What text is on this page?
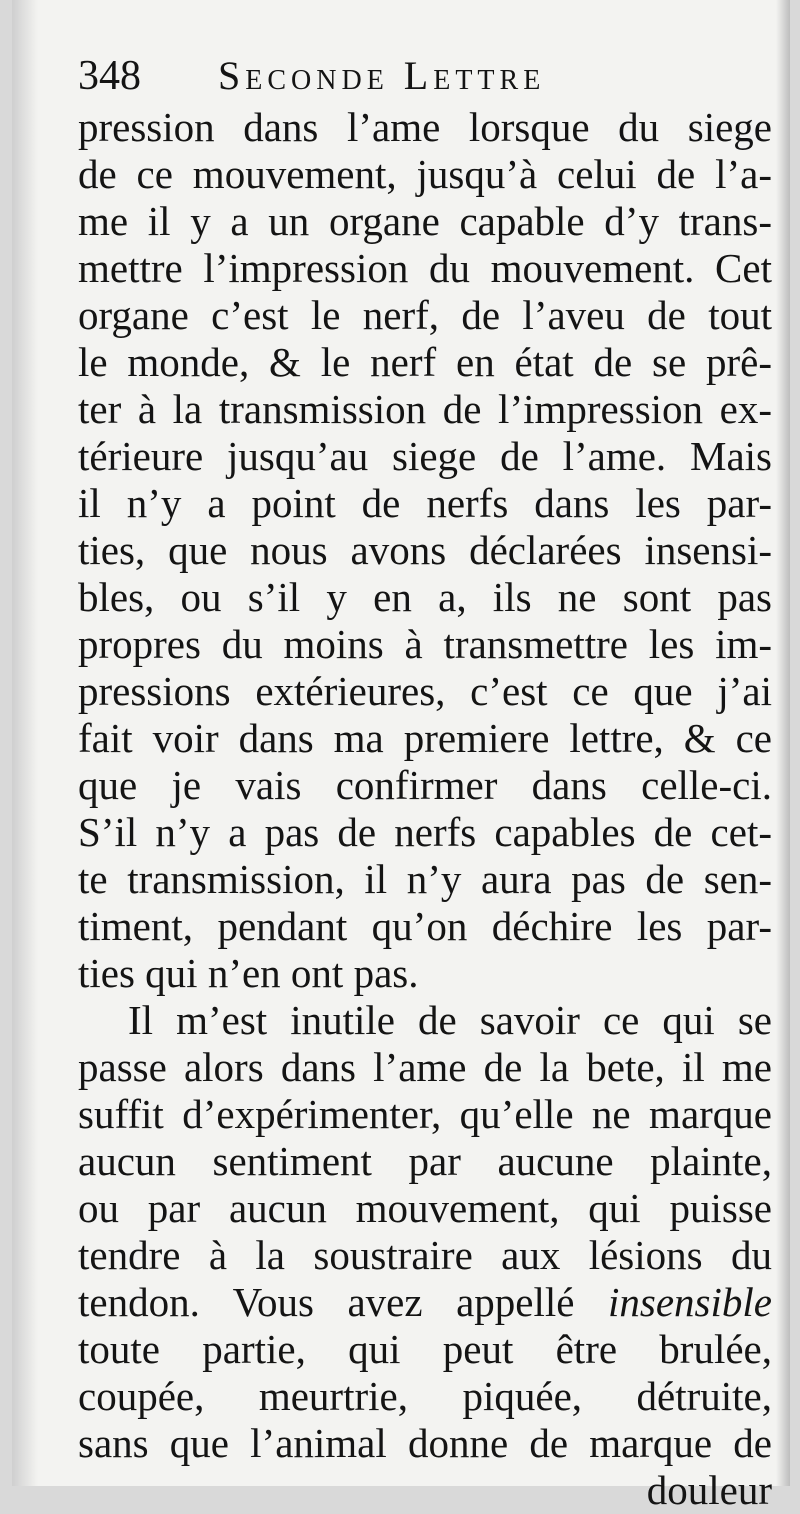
348 Seconde Lettre
pression dans l’ame lorsque du siege
de ce mouvement, jusqu’à celui de l’a-
me il y a un organe capable d’y trans-
mettre l’impression du mouvement. Cet
organe c’est le nerf, de l’aveu de tout
le monde, & le nerf en état de se prê-
ter à la transmission de l’impression ex-
térieure jusqu’au siege de l’ame. Mais
il n’y a point de nerfs dans les par-
ties, que nous avons déclarées insensi-
bles, ou s’il y en a, ils ne sont pas
propres du moins à transmettre les im-
pressions extérieures, c’est ce que j’ai
fait voir dans ma premiere lettre, & ce
que je vais confirmer dans celle-ci.
S’il n’y a pas de nerfs capables de cet-
te transmission, il n’y aura pas de sen-
timent, pendant qu’on déchire les par-
ties qui n’en ont pas.
Il m’est inutile de savoir ce qui se
passe alors dans l’ame de la bete, il me
suffit d’expérimenter, qu’elle ne marque
aucun sentiment par aucune plainte,
ou par aucun mouvement, qui puisse
tendre à la soustraire aux lésions du
tendon. Vous avez appellé insensible
toute partie, qui peut être brulée,
coupée, meurtrie, piquée, détruite,
sans que l’animal donne de marque de
douleur
